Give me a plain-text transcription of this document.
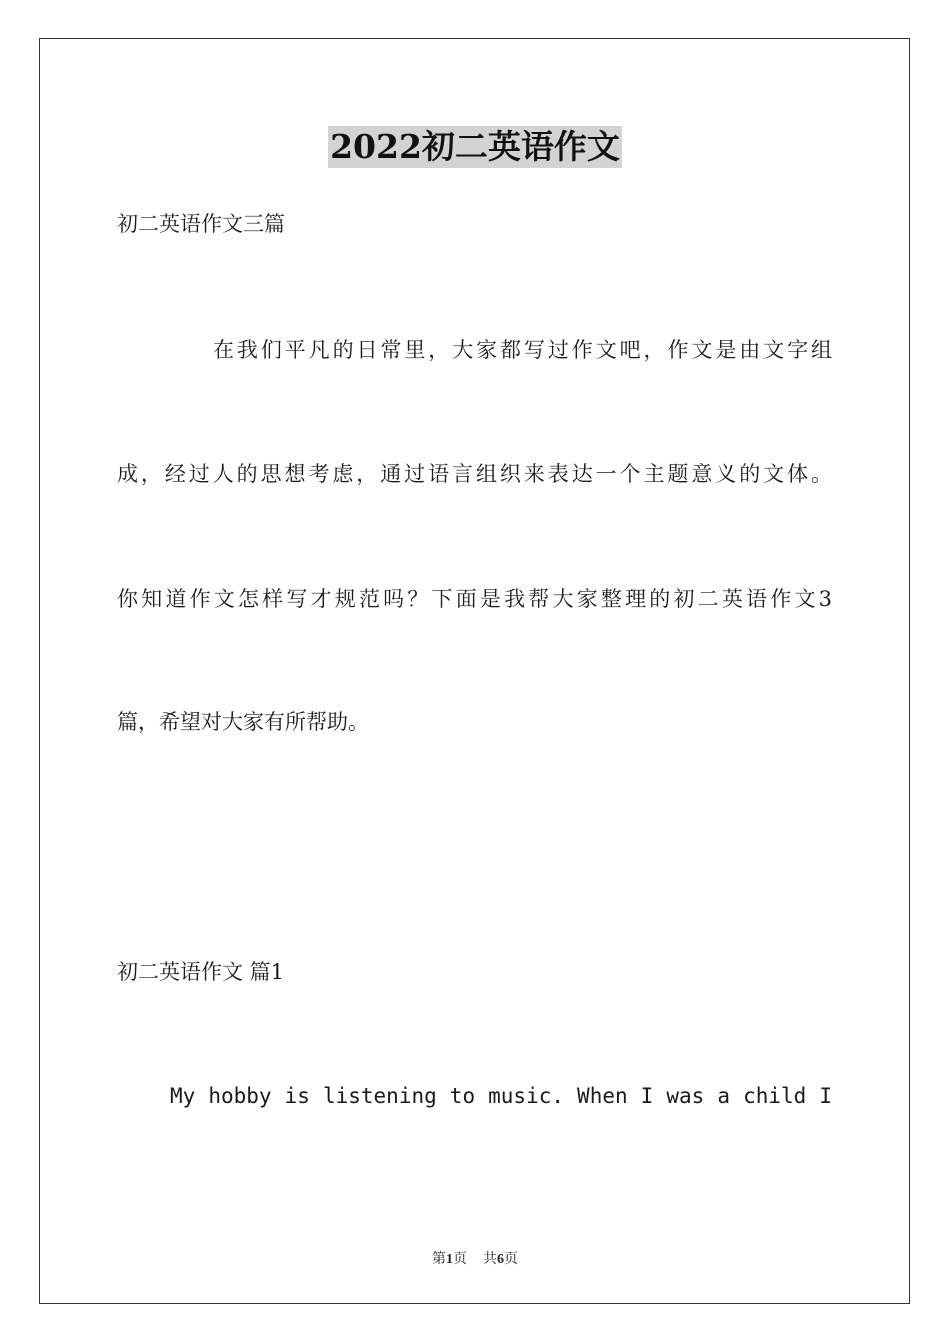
2022初二英语作文
初二英语作文三篇
在我们平凡的日常里，大家都写过作文吧，作文是由文字组
成，经过人的思想考虑，通过语言组织来表达一个主题意义的文体。
你知道作文怎样写才规范吗？下面是我帮大家整理的初二英语作文3
篇，希望对大家有所帮助。
初二英语作文 篇1
My hobby is listening to music. When I was a child I
第1页 共6页
